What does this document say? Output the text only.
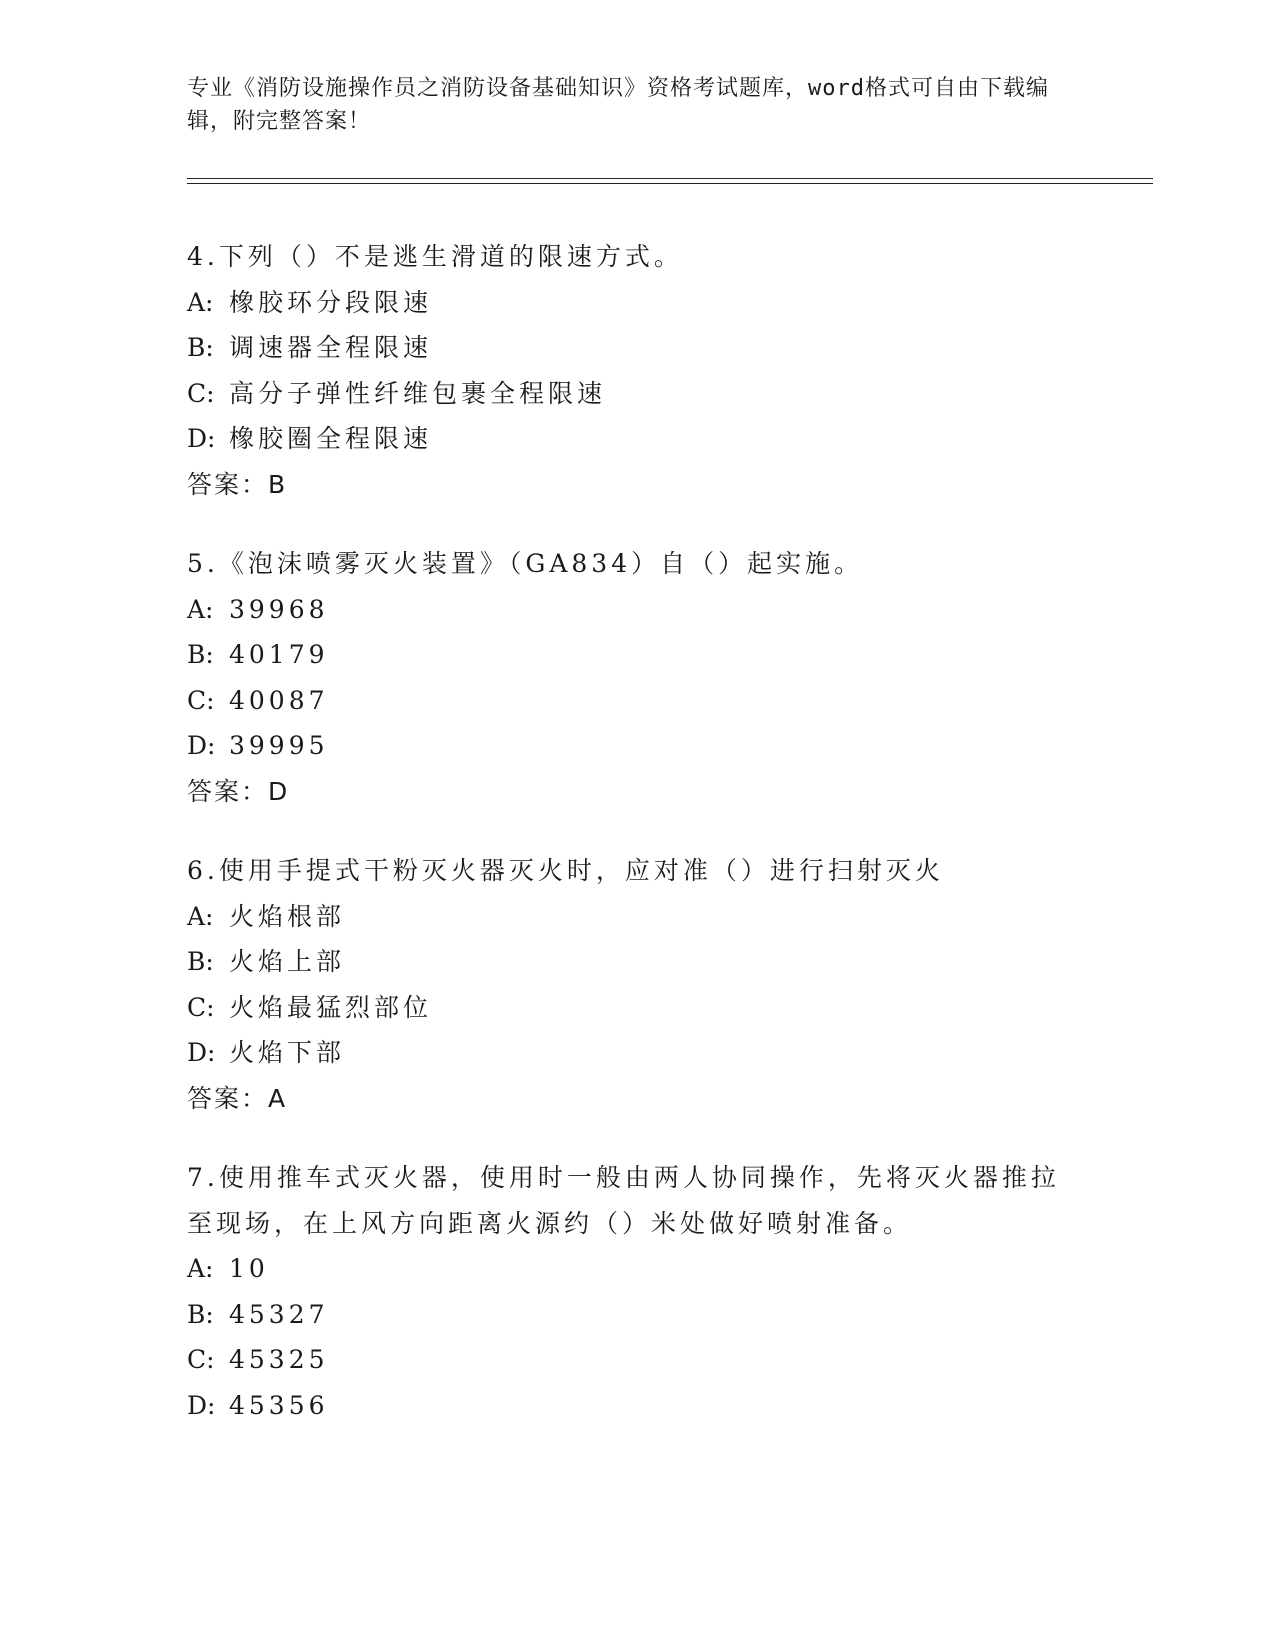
专业《消防设施操作员之消防设备基础知识》资格考试题库，word格式可自由下载编辑，附完整答案！
4.下列（）不是逃生滑道的限速方式。
A: 橡胶环分段限速
B: 调速器全程限速
C: 高分子弹性纤维包裹全程限速
D: 橡胶圈全程限速
答案：B
5.《泡沫喷雾灭火装置》（GA834）自（）起实施。
A: 39968
B: 40179
C: 40087
D: 39995
答案：D
6.使用手提式干粉灭火器灭火时，应对准（）进行扫射灭火
A: 火焰根部
B: 火焰上部
C: 火焰最猛烈部位
D: 火焰下部
答案：A
7.使用推车式灭火器，使用时一般由两人协同操作，先将灭火器推拉至现场，在上风方向距离火源约（）米处做好喷射准备。
A: 10
B: 45327
C: 45325
D: 45356
